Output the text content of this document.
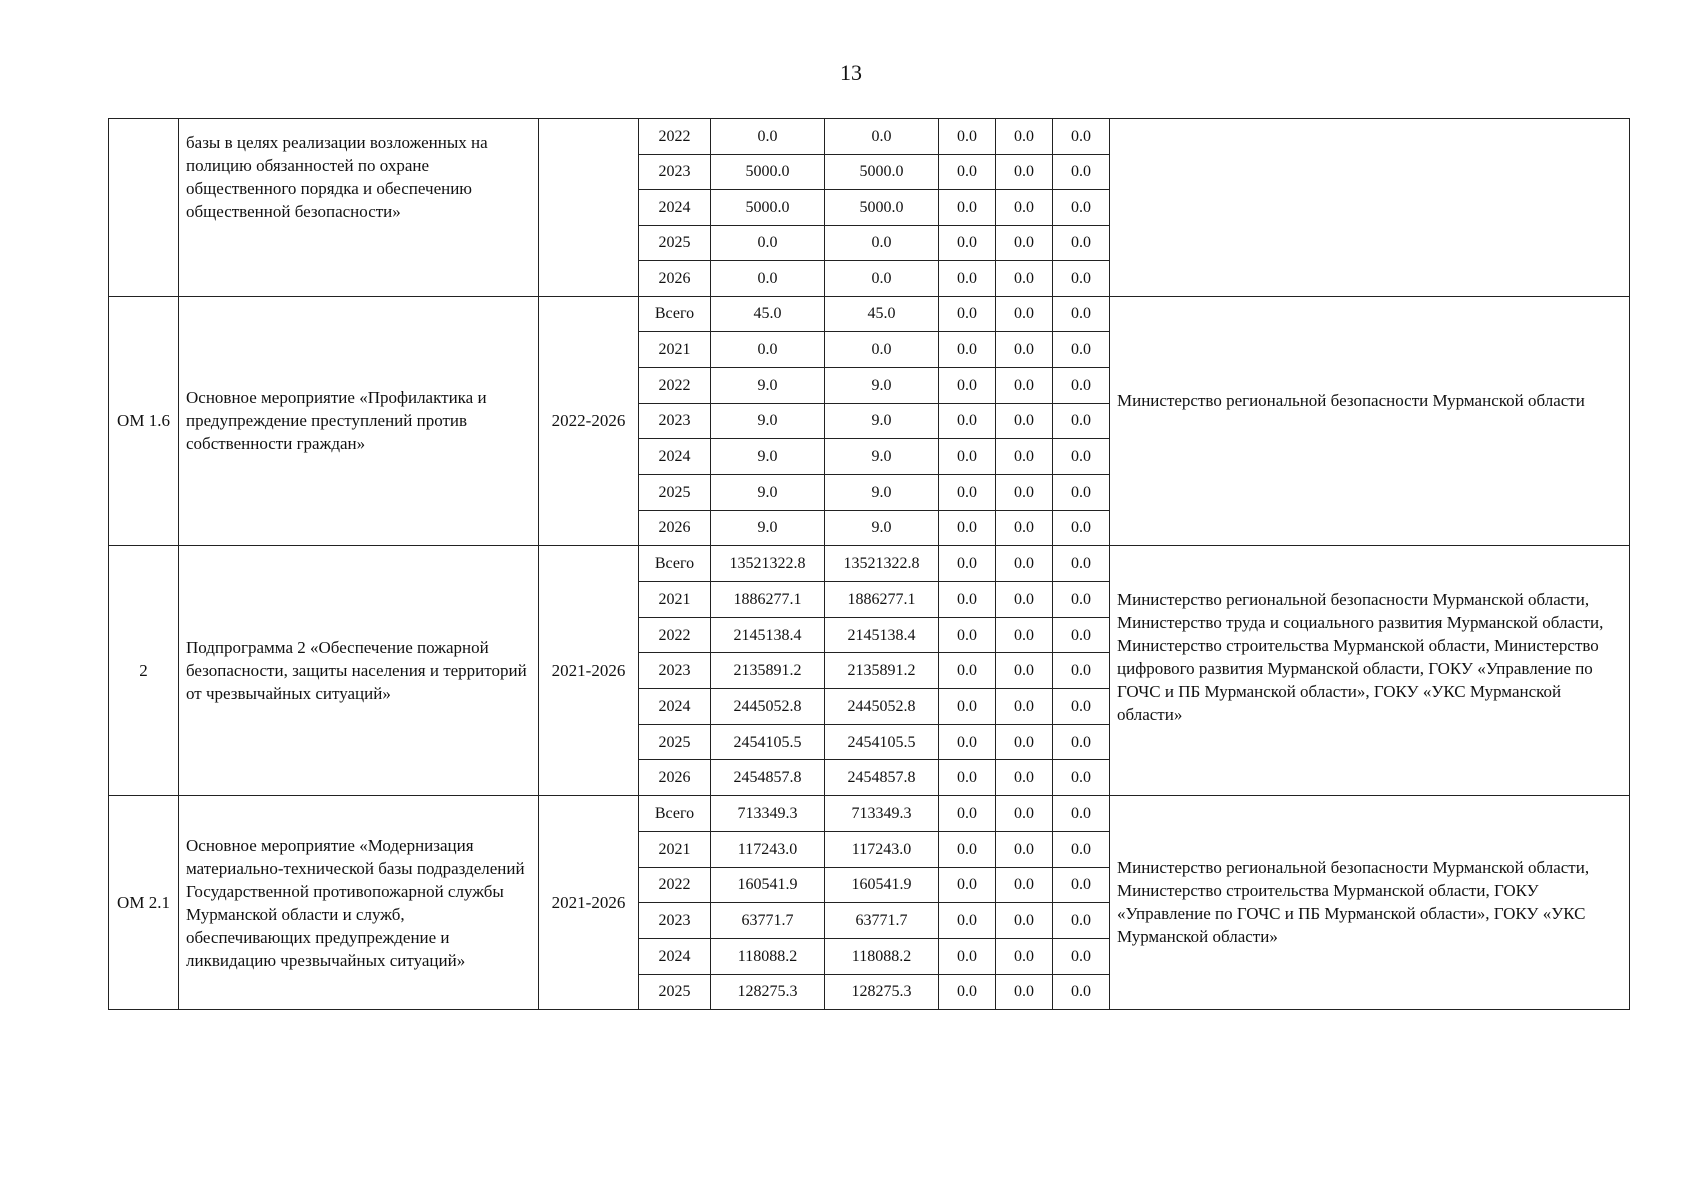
13
	базы в целях реализации возложенных на полицию обязанностей по охране общественного порядка и обеспечению общественной безопасности»		2022	0.0	0.0	0.0	0.0	0.0	
			2023	5000.0	5000.0	0.0	0.0	0.0	
			2024	5000.0	5000.0	0.0	0.0	0.0	
			2025	0.0	0.0	0.0	0.0	0.0	
			2026	0.0	0.0	0.0	0.0	0.0	
ОМ 1.6	Основное мероприятие «Профилактика и предупреждение преступлений против собственности граждан»	2022-2026	Всего	45.0	45.0	0.0	0.0	0.0	Министерство региональной безопасности Мурманской области
			2021	0.0	0.0	0.0	0.0	0.0	
			2022	9.0	9.0	0.0	0.0	0.0	
			2023	9.0	9.0	0.0	0.0	0.0	
			2024	9.0	9.0	0.0	0.0	0.0	
			2025	9.0	9.0	0.0	0.0	0.0	
			2026	9.0	9.0	0.0	0.0	0.0	
2	Подпрограмма 2 «Обеспечение пожарной безопасности, защиты населения и территорий от чрезвычайных ситуаций»	2021-2026	Всего	13521322.8	13521322.8	0.0	0.0	0.0	Министерство региональной безопасности Мурманской области, Министерство труда и социального развития Мурманской области, Министерство строительства Мурманской области, Министерство цифрового развития Мурманской области, ГОКУ «Управление по ГОЧС и ПБ Мурманской области», ГОКУ «УКС Мурманской области»
			2021	1886277.1	1886277.1	0.0	0.0	0.0	
			2022	2145138.4	2145138.4	0.0	0.0	0.0	
			2023	2135891.2	2135891.2	0.0	0.0	0.0	
			2024	2445052.8	2445052.8	0.0	0.0	0.0	
			2025	2454105.5	2454105.5	0.0	0.0	0.0	
			2026	2454857.8	2454857.8	0.0	0.0	0.0	
ОМ 2.1	Основное мероприятие «Модернизация материально-технической базы подразделений Государственной противопожарной службы Мурманской области и служб, обеспечивающих предупреждение и ликвидацию чрезвычайных ситуаций»	2021-2026	Всего	713349.3	713349.3	0.0	0.0	0.0	Министерство региональной безопасности Мурманской области, Министерство строительства Мурманской области, ГОКУ «Управление по ГОЧС и ПБ Мурманской области», ГОКУ «УКС Мурманской области»
			2021	117243.0	117243.0	0.0	0.0	0.0	
			2022	160541.9	160541.9	0.0	0.0	0.0	
			2023	63771.7	63771.7	0.0	0.0	0.0	
			2024	118088.2	118088.2	0.0	0.0	0.0	
			2025	128275.3	128275.3	0.0	0.0	0.0	
